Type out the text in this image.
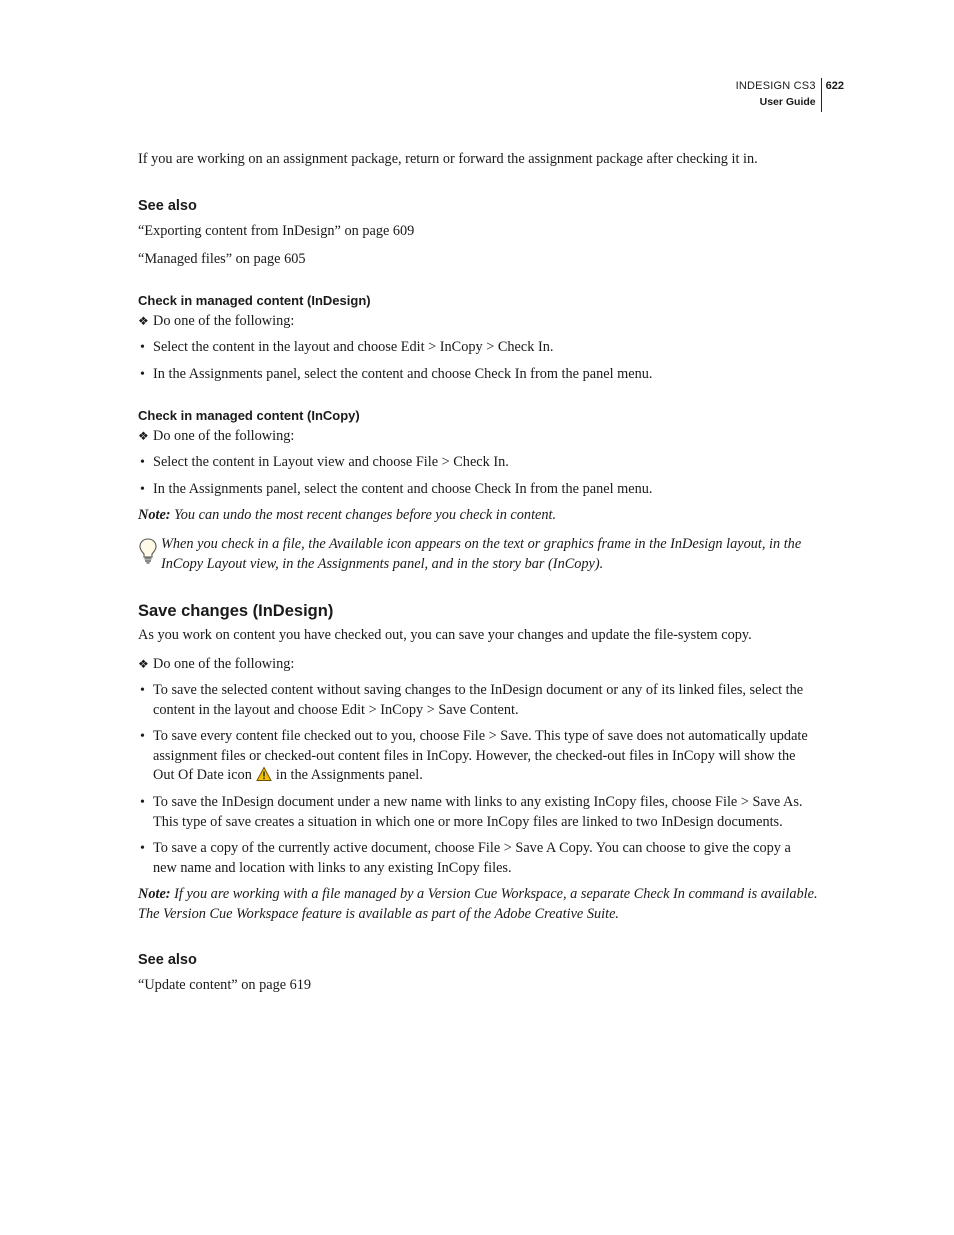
INDESIGN CS3
User Guide
622

If you are working on an assignment package, return or forward the assignment package after checking it in.

See also

“Exporting content from InDesign” on page 609

“Managed files” on page 605

Check in managed content (InDesign)

❖ Do one of the following:

• Select the content in the layout and choose Edit > InCopy > Check In.

• In the Assignments panel, select the content and choose Check In from the panel menu.

Check in managed content (InCopy)

❖ Do one of the following:

• Select the content in Layout view and choose File > Check In.

• In the Assignments panel, select the content and choose Check In from the panel menu.

Note: You can undo the most recent changes before you check in content.

When you check in a file, the Available icon appears on the text or graphics frame in the InDesign layout, in the InCopy Layout view, in the Assignments panel, and in the story bar (InCopy).

Save changes (InDesign)

As you work on content you have checked out, you can save your changes and update the file-system copy.

❖ Do one of the following:

• To save the selected content without saving changes to the InDesign document or any of its linked files, select the content in the layout and choose Edit > InCopy > Save Content.

• To save every content file checked out to you, choose File > Save. This type of save does not automatically update assignment files or checked-out content files in InCopy. However, the checked-out files in InCopy will show the Out Of Date icon in the Assignments panel.

• To save the InDesign document under a new name with links to any existing InCopy files, choose File > Save As. This type of save creates a situation in which one or more InCopy files are linked to two InDesign documents.

• To save a copy of the currently active document, choose File > Save A Copy. You can choose to give the copy a new name and location with links to any existing InCopy files.

Note: If you are working with a file managed by a Version Cue Workspace, a separate Check In command is available. The Version Cue Workspace feature is available as part of the Adobe Creative Suite.

See also

“Update content” on page 619
